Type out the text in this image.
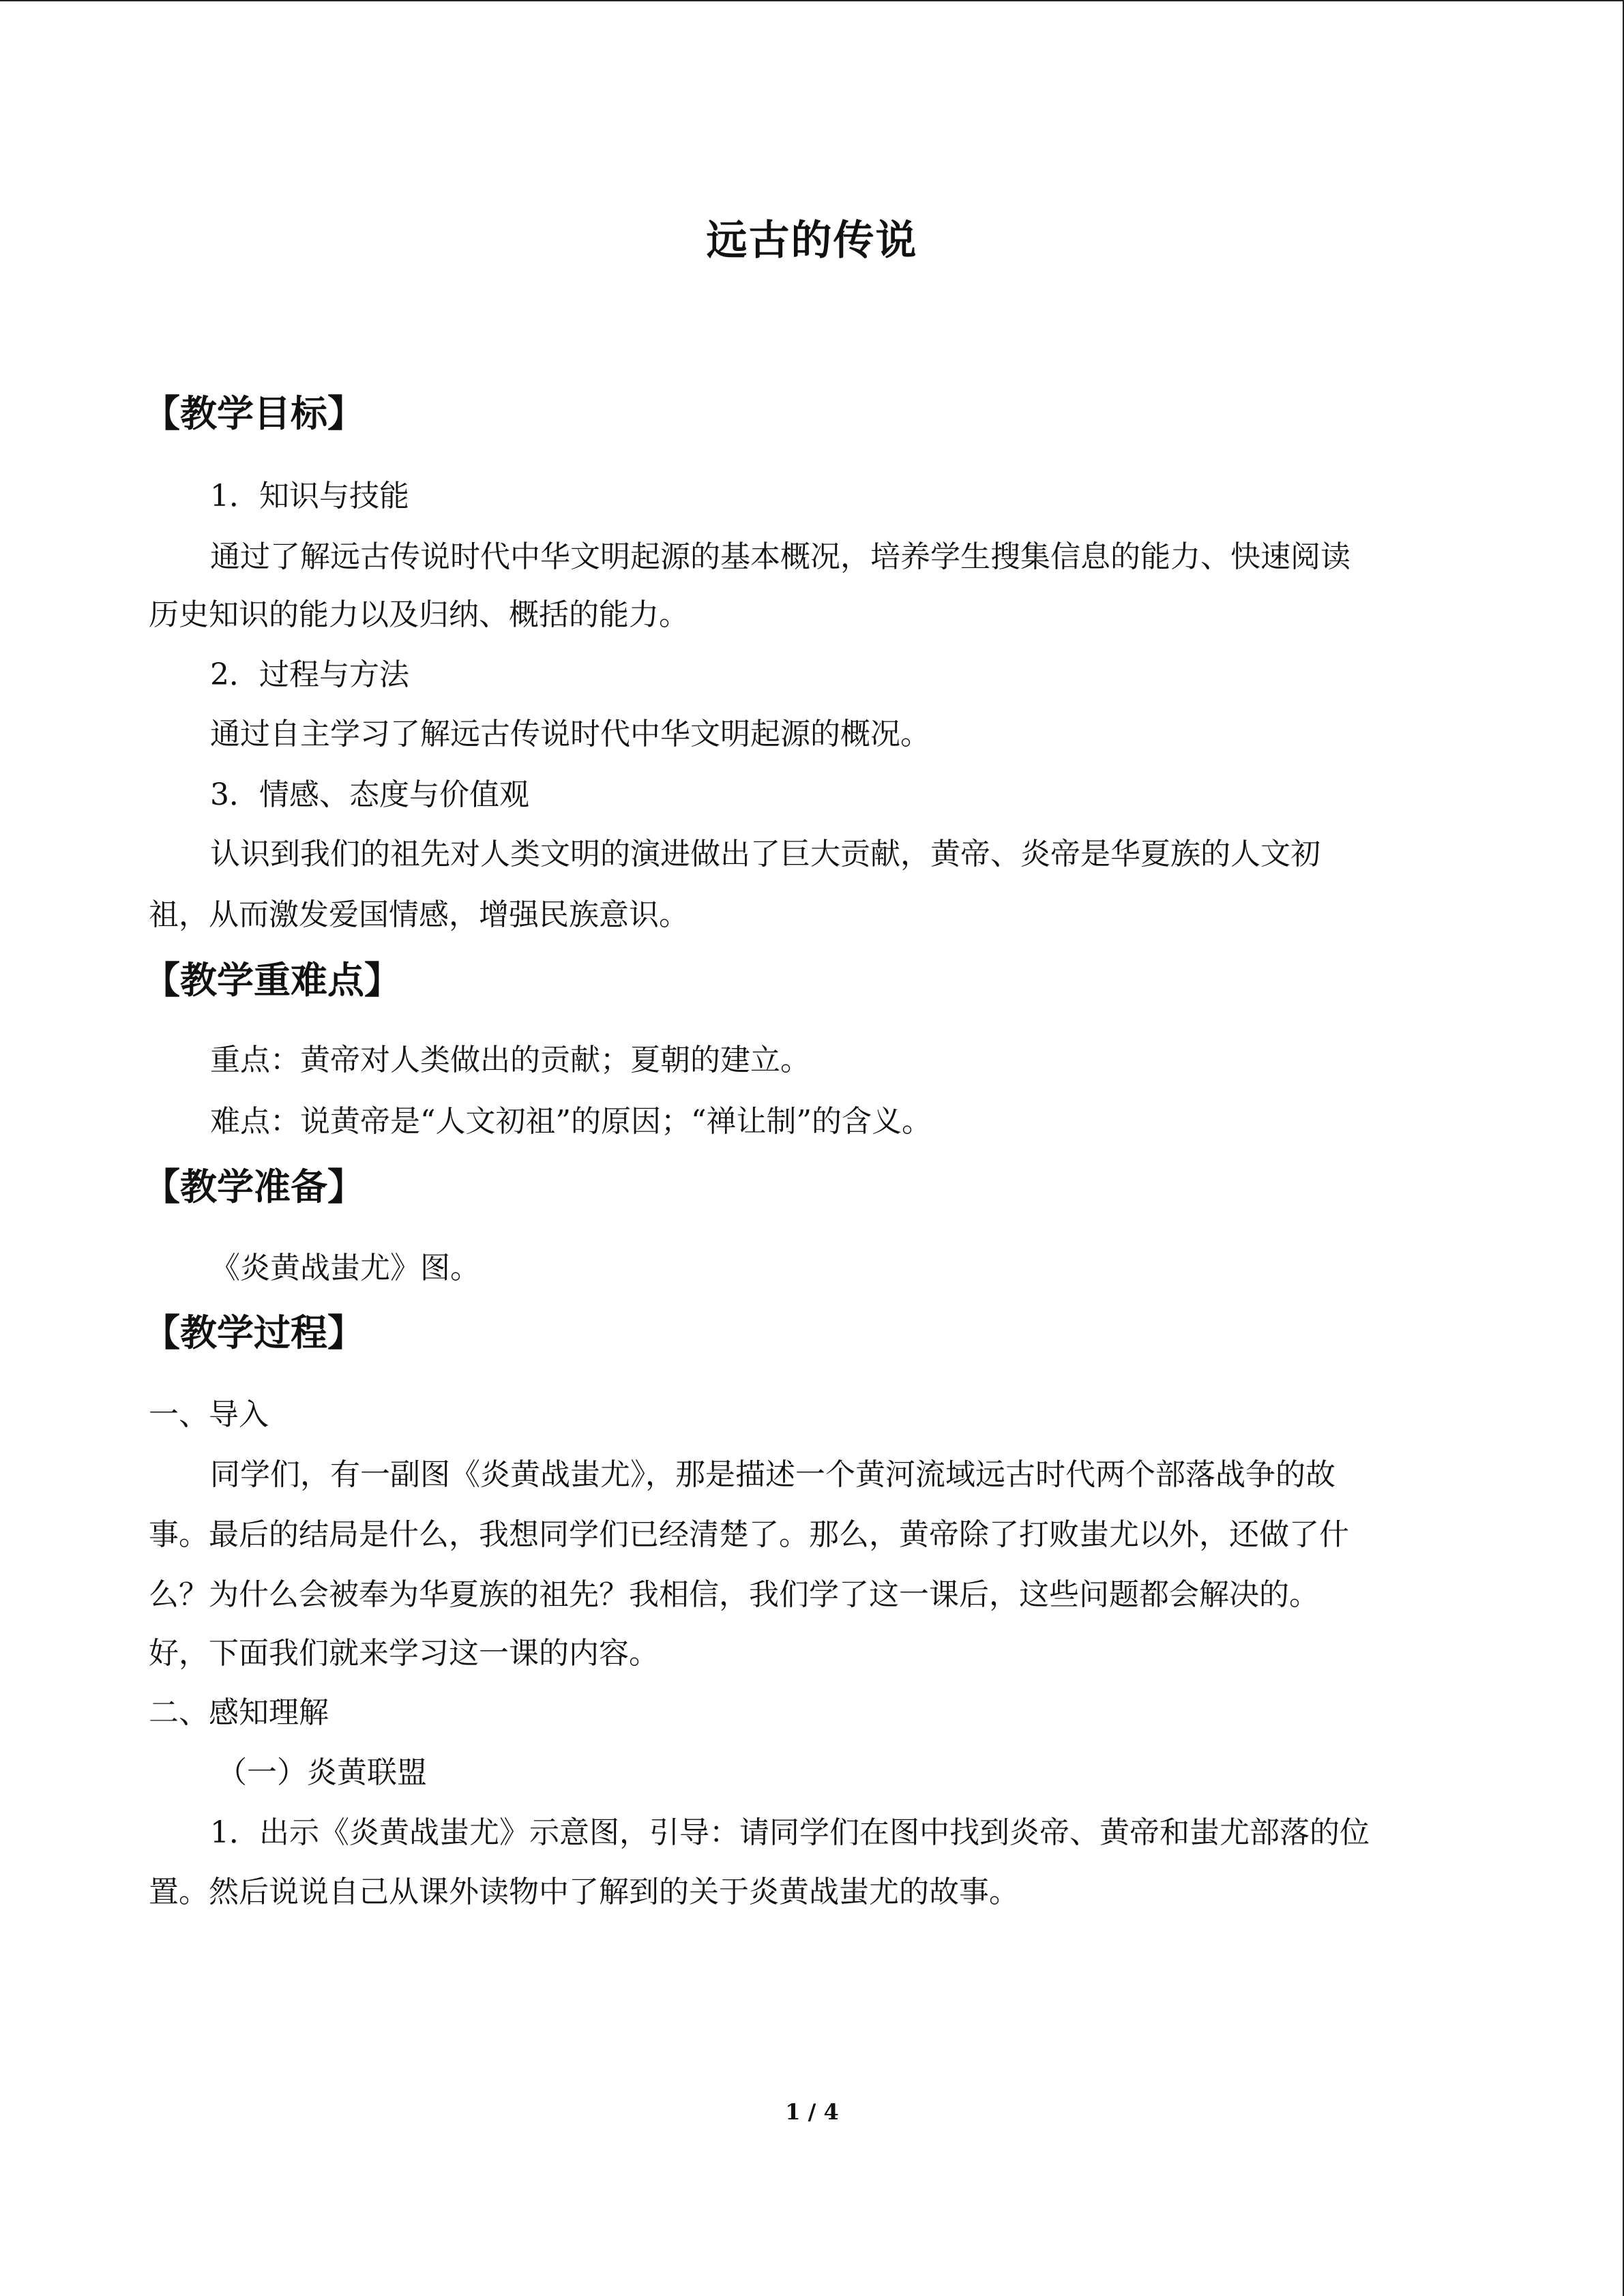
远古的传说
【教学目标】
1．知识与技能
通过了解远古传说时代中华文明起源的基本概况，培养学生搜集信息的能力、快速阅读
历史知识的能力以及归纳、概括的能力。
2．过程与方法
通过自主学习了解远古传说时代中华文明起源的概况。
3．情感、态度与价值观
认识到我们的祖先对人类文明的演进做出了巨大贡献，黄帝、炎帝是华夏族的人文初
祖，从而激发爱国情感，增强民族意识。
【教学重难点】
重点：黄帝对人类做出的贡献；夏朝的建立。
难点：说黄帝是“人文初祖”的原因；“禅让制”的含义。
【教学准备】
《炎黄战蚩尤》图。
【教学过程】
一、导入
同学们，有一副图《炎黄战蚩尤》，那是描述一个黄河流域远古时代两个部落战争的故
事。最后的结局是什么，我想同学们已经清楚了。那么，黄帝除了打败蚩尤以外，还做了什
么？为什么会被奉为华夏族的祖先？我相信，我们学了这一课后，这些问题都会解决的。
好，下面我们就来学习这一课的内容。
二、感知理解
（一）炎黄联盟
1．出示《炎黄战蚩尤》示意图，引导：请同学们在图中找到炎帝、黄帝和蚩尤部落的位
置。然后说说自己从课外读物中了解到的关于炎黄战蚩尤的故事。
1 / 4
